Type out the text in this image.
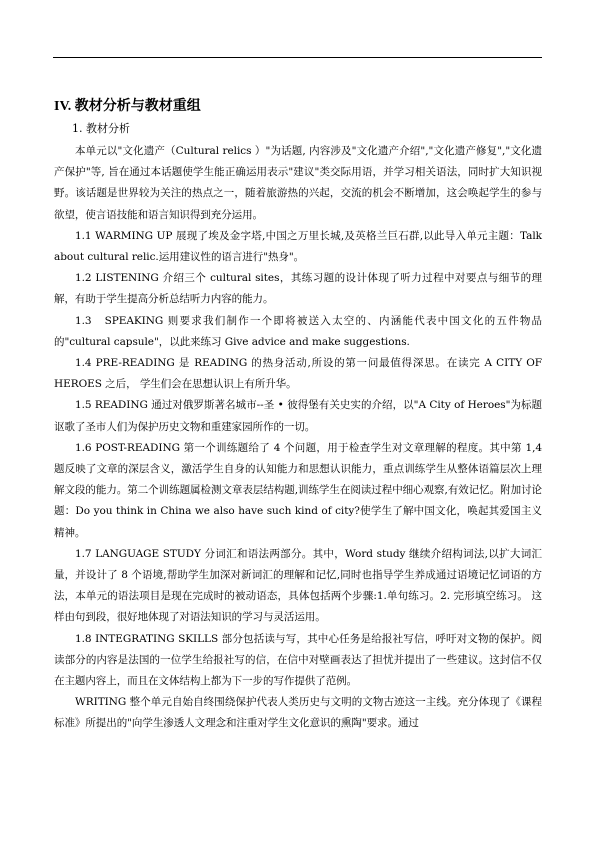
IV. 教材分析与教材重组
1. 教材分析

本单元以"文化遗产（Cultural relics ）"为话题, 内容涉及"文化遗产介绍","文化遗产修复","文化遗产保护"等, 旨在通过本话题使学生能正确运用表示"建议"类交际用语，并学习相关语法，同时扩大知识视野。该话题是世界较为关注的热点之一，随着旅游热的兴起，交流的机会不断增加，这会唤起学生的参与欲望，使言语技能和语言知识得到充分运用。

1.1 WARMING UP 展现了埃及金字塔,中国之万里长城,及英格兰巨石群,以此导入单元主题：Talk about cultural relic.运用建议性的语言进行"热身"。

1.2 LISTENING 介绍三个 cultural sites，其练习题的设计体现了听力过程中对要点与细节的理解，有助于学生提高分析总结听力内容的能力。

1.3　SPEAKING 则要求我们制作一个即将被送入太空的、内涵能代表中国文化的五件物品的"cultural capsule"，以此来练习 Give advice and make suggestions.

1.4 PRE-READING 是 READING 的热身活动,所设的第一问最值得深思。在读完 A CITY OF HEROES 之后， 学生们会在思想认识上有所升华。

1.5 READING 通过对俄罗斯著名城市--圣 • 彼得堡有关史实的介绍，以"A City of Heroes"为标题讴歌了圣市人们为保护历史文物和重建家园所作的一切。

1.6 POST-READING 第一个训练题给了 4 个问题，用于检查学生对文章理解的程度。其中第 1,4 题反映了文章的深层含义，激活学生自身的认知能力和思想认识能力，重点训练学生从整体语篇层次上理解文段的能力。第二个训练题属检测文章表层结构题,训练学生在阅读过程中细心观察,有效记忆。附加讨论题：Do you think in China we also have such kind of city?使学生了解中国文化，唤起其爱国主义精神。

1.7 LANGUAGE STUDY 分词汇和语法两部分。其中，Word study 继续介绍构词法,以扩大词汇量，并设计了 8 个语境,帮助学生加深对新词汇的理解和记忆,同时也指导学生养成通过语境记忆词语的方法，本单元的语法项目是现在完成时的被动语态，具体包括两个步骤:1.单句练习。2. 完形填空练习。 这样由句到段，很好地体现了对语法知识的学习与灵活运用。

1.8 INTEGRATING SKILLS 部分包括读与写，其中心任务是给报社写信，呼吁对文物的保护。阅读部分的内容是法国的一位学生给报社写的信，在信中对壁画表达了担忧并提出了一些建议。这封信不仅在主题内容上，而且在文体结构上都为下一步的写作提供了范例。

WRITING 整个单元自始自终围绕保护代表人类历史与文明的文物古迹这一主线。充分体现了《课程标准》所提出的"向学生渗透人文理念和注重对学生文化意识的熏陶"要求。通过
